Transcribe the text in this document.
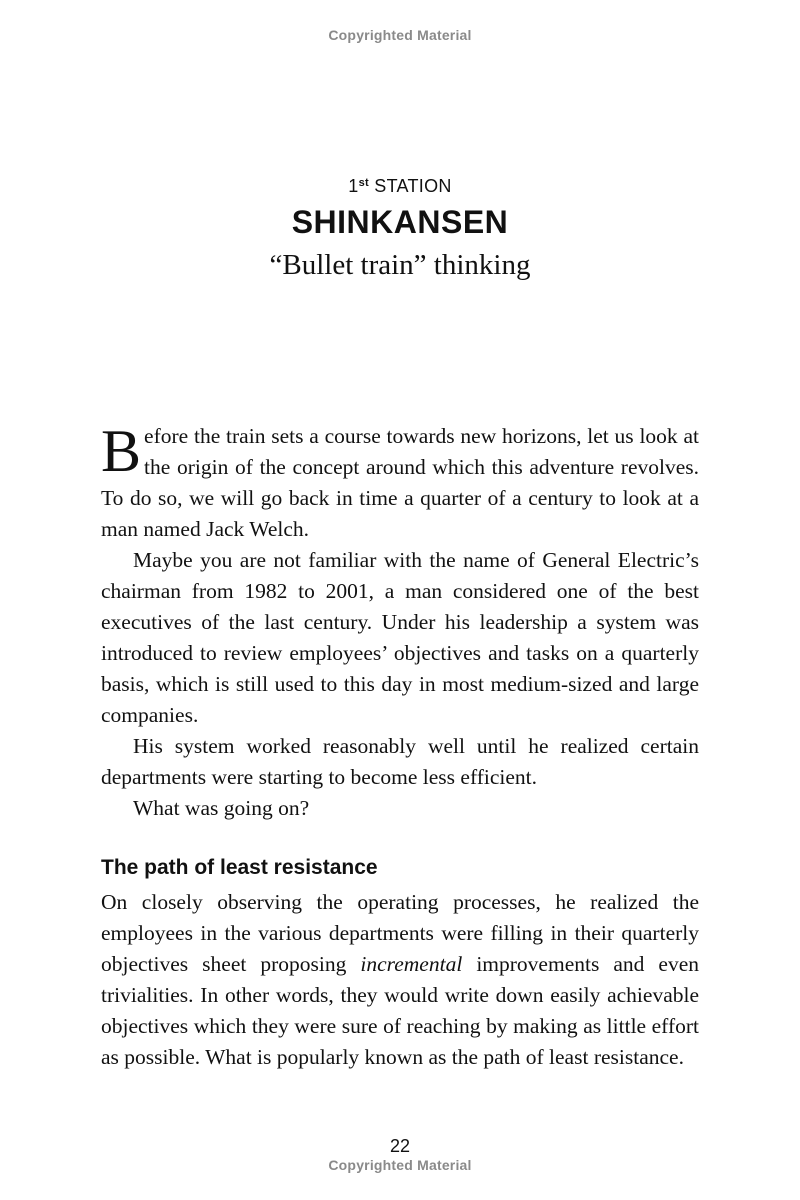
Copyrighted Material
1st STATION
SHINKANSEN
“Bullet train” thinking

Before the train sets a course towards new horizons, let us look at the origin of the concept around which this adventure revolves. To do so, we will go back in time a quarter of a century to look at a man named Jack Welch.

Maybe you are not familiar with the name of General Electric’s chairman from 1982 to 2001, a man considered one of the best executives of the last century. Under his leadership a system was introduced to review employees’ objectives and tasks on a quarterly basis, which is still used to this day in most medium-sized and large companies.

His system worked reasonably well until he realized certain departments were starting to become less efficient.

What was going on?

The path of least resistance

On closely observing the operating processes, he realized the employees in the various departments were filling in their quarterly objectives sheet proposing incremental improvements and even trivialities. In other words, they would write down easily achievable objectives which they were sure of reaching by making as little effort as possible. What is popularly known as the path of least resistance.

22
Copyrighted Material
